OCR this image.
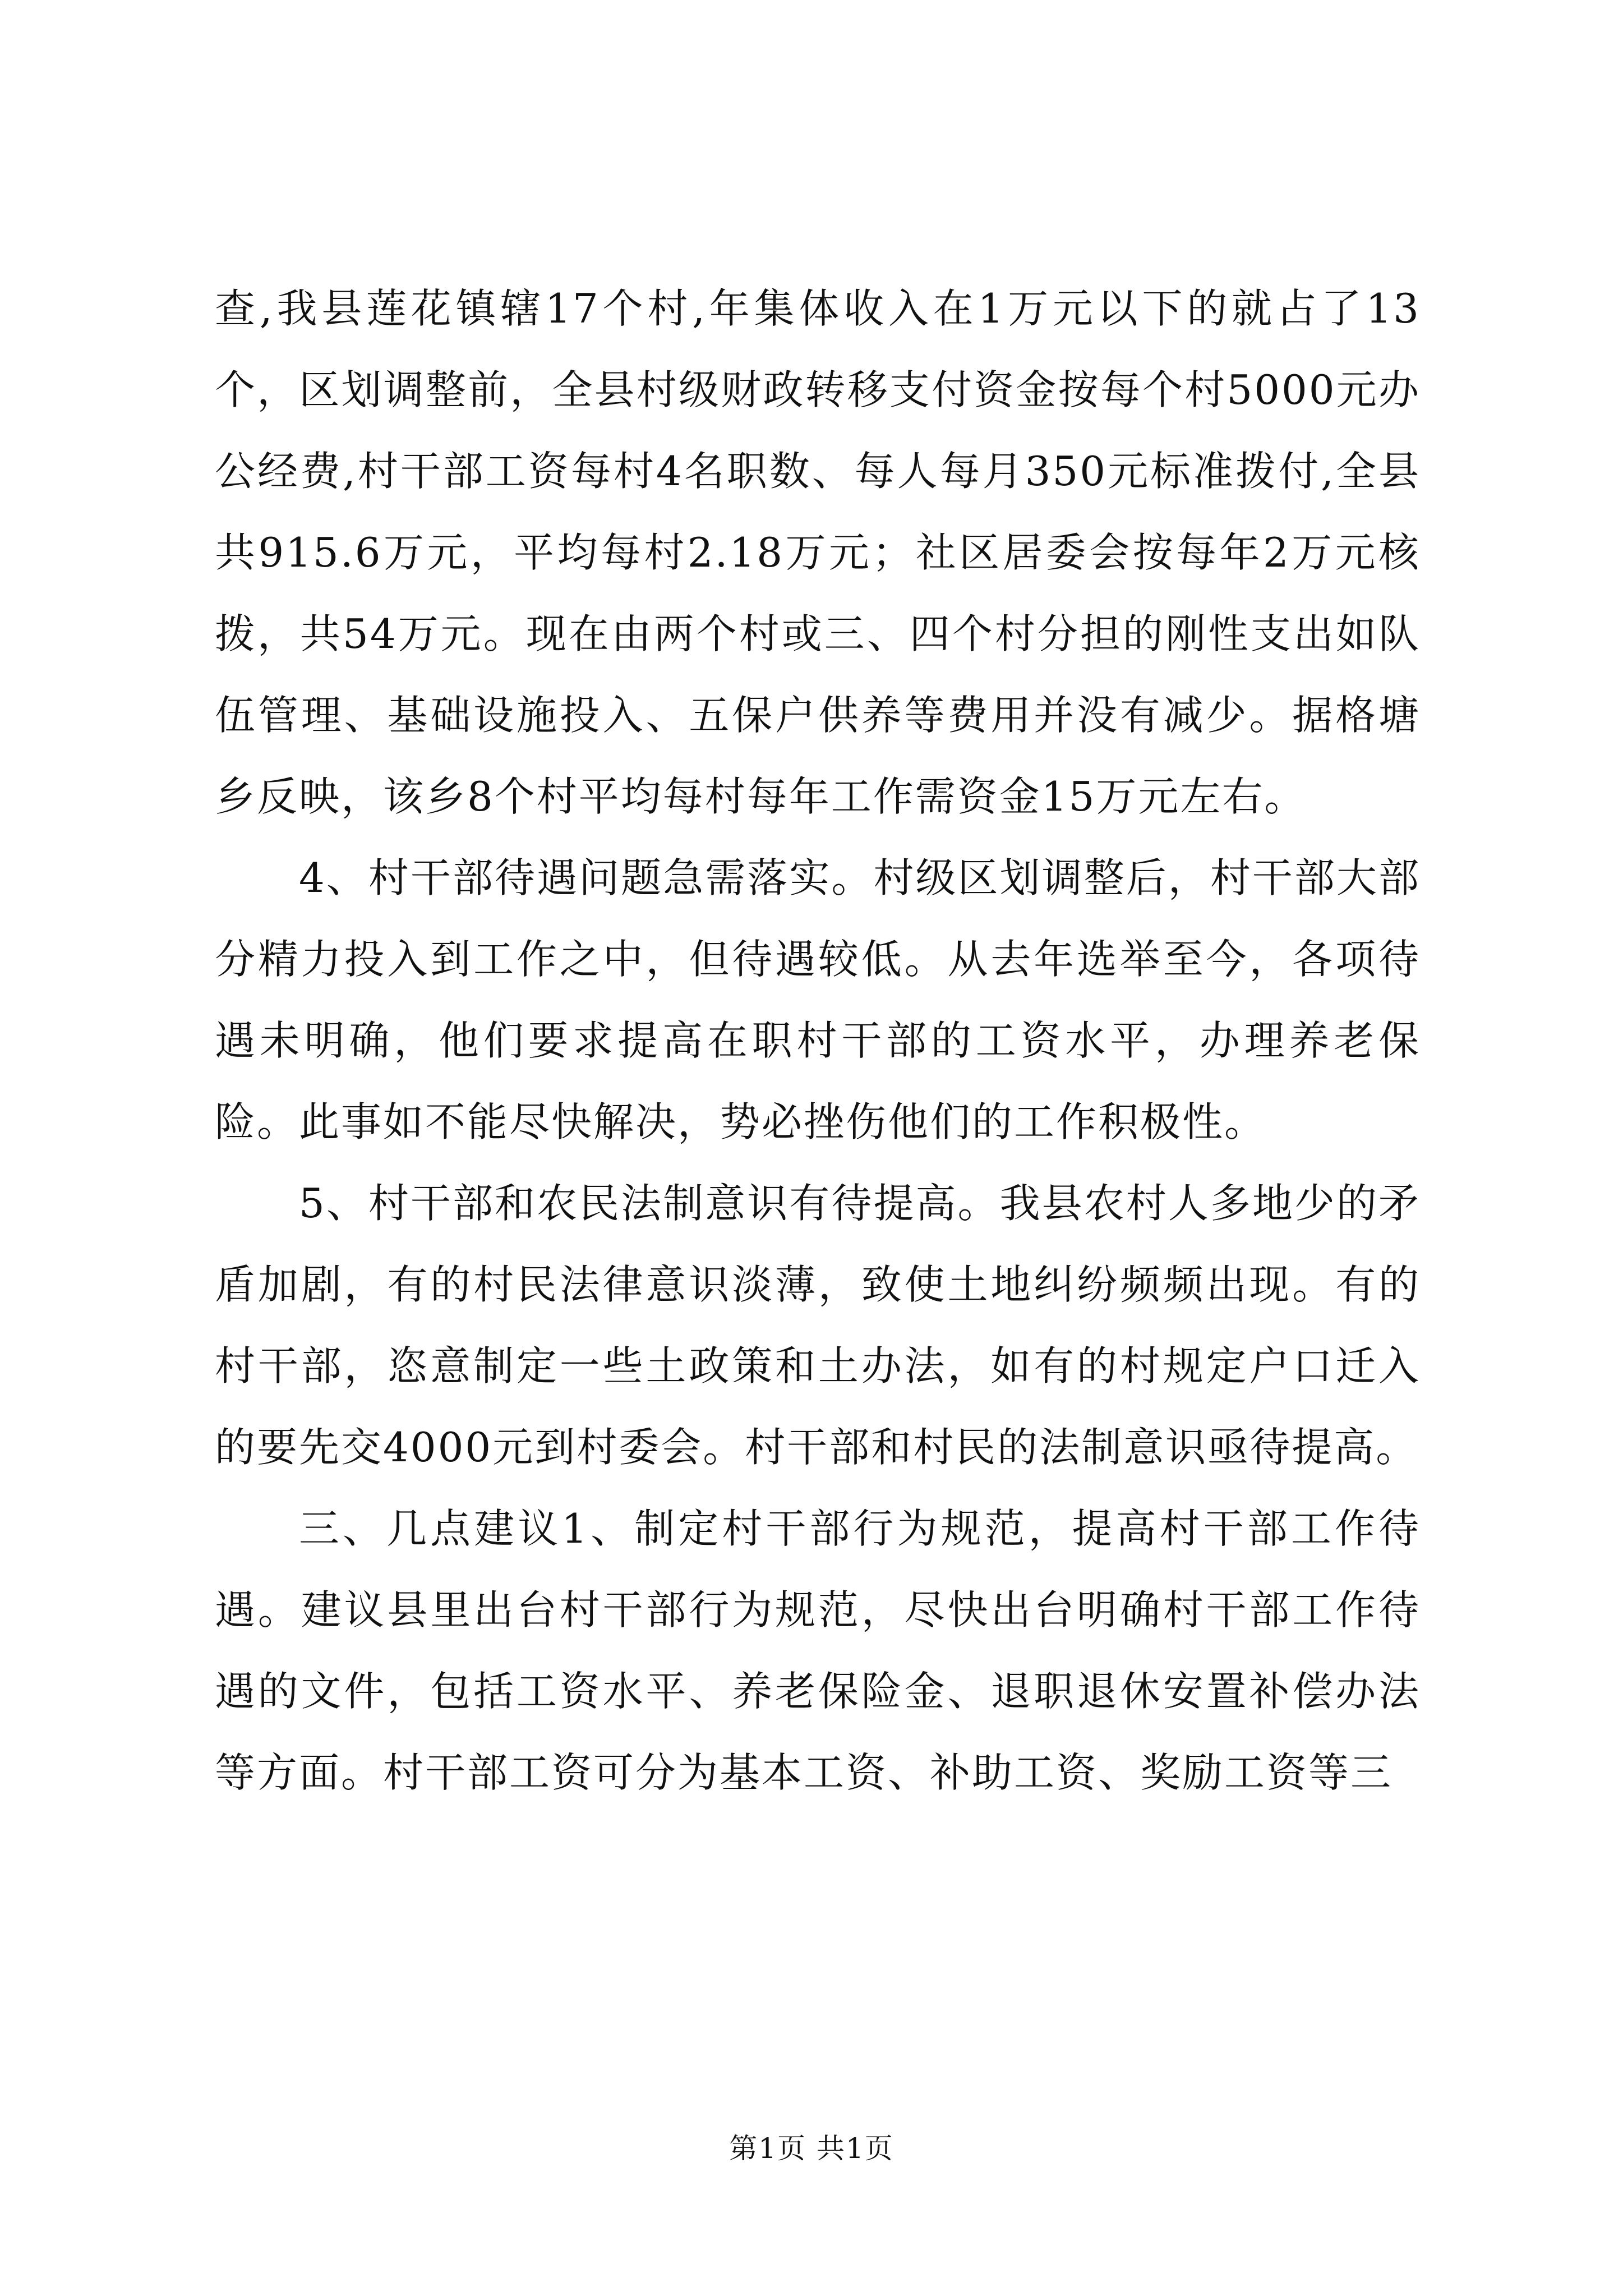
查,我县莲花镇辖17个村,年集体收入在1万元以下的就占了13个，区划调整前，全县村级财政转移支付资金按每个村5000元办公经费,村干部工资每村4名职数、每人每月350元标准拨付,全县共915.6万元，平均每村2.18万元；社区居委会按每年2万元核拨，共54万元。现在由两个村或三、四个村分担的刚性支出如队伍管理、基础设施投入、五保户供养等费用并没有减少。据格塘乡反映，该乡8个村平均每村每年工作需资金15万元左右。

4、村干部待遇问题急需落实。村级区划调整后，村干部大部分精力投入到工作之中，但待遇较低。从去年选举至今，各项待遇未明确，他们要求提高在职村干部的工资水平，办理养老保险。此事如不能尽快解决，势必挫伤他们的工作积极性。

5、村干部和农民法制意识有待提高。我县农村人多地少的矛盾加剧，有的村民法律意识淡薄，致使土地纠纷频频出现。有的村干部，恣意制定一些土政策和土办法，如有的村规定户口迁入的要先交4000元到村委会。村干部和村民的法制意识亟待提高。

三、几点建议1、制定村干部行为规范，提高村干部工作待遇。建议县里出台村干部行为规范，尽快出台明确村干部工作待遇的文件，包括工资水平、养老保险金、退职退休安置补偿办法等方面。村干部工资可分为基本工资、补助工资、奖励工资等三

第1页 共1页
